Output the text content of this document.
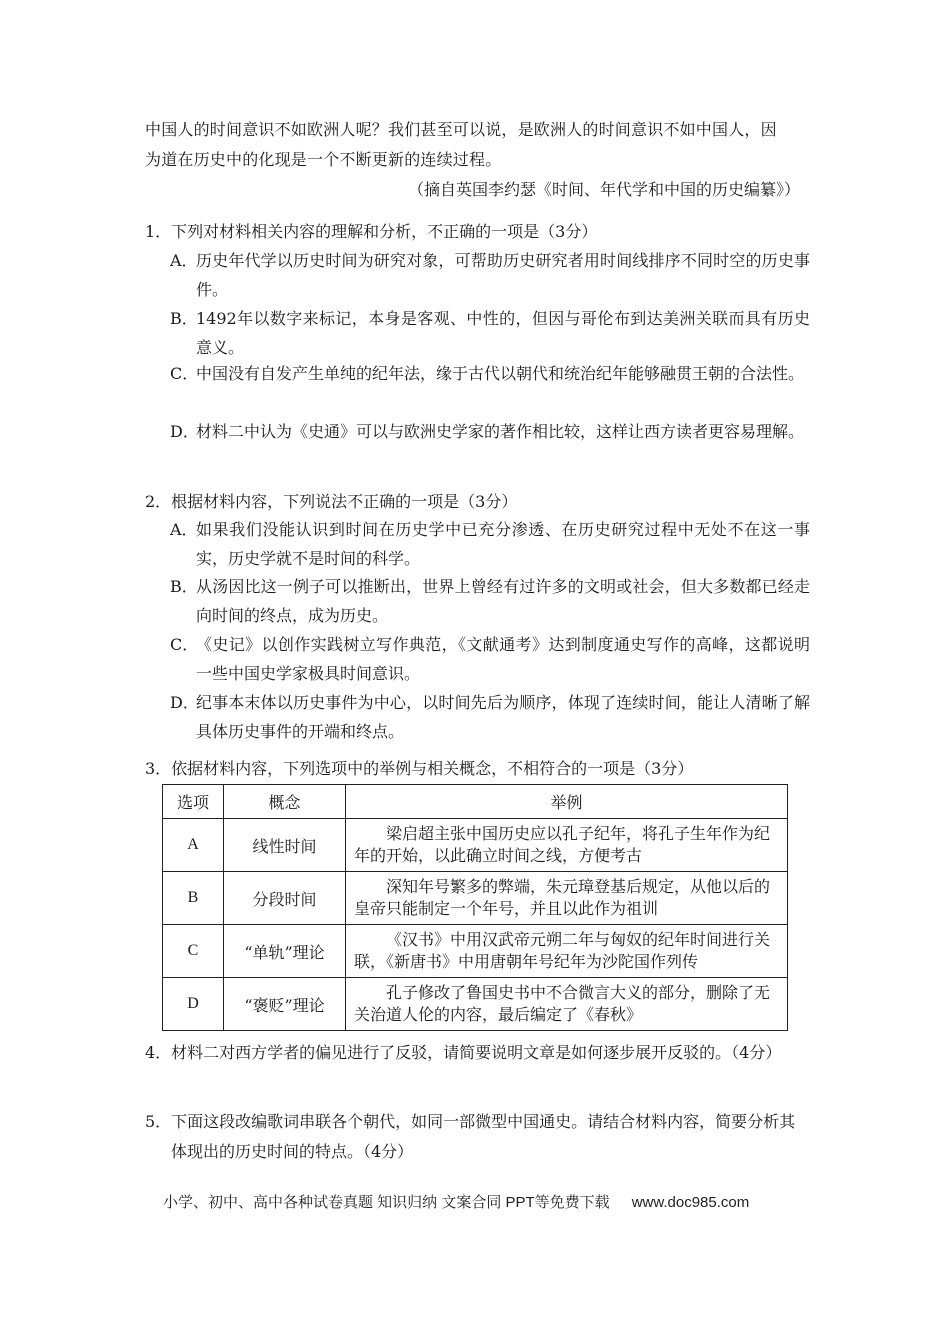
中国人的时间意识不如欧洲人呢？我们甚至可以说，是欧洲人的时间意识不如中国人，因
为道在历史中的化现是一个不断更新的连续过程。
（摘自英国李约瑟《时间、年代学和中国的历史编纂》）
1．下列对材料相关内容的理解和分析，不正确的一项是（3分）
A．
历史年代学以历史时间为研究对象，可帮助历史研究者用时间线排序不同时空的历史事件。
B．
1492年以数字来标记，本身是客观、中性的，但因与哥伦布到达美洲关联而具有历史意义。
C．
中国没有自发产生单纯的纪年法，缘于古代以朝代和统治纪年能够融贯王朝的合法性。
D．
材料二中认为《史通》可以与欧洲史学家的著作相比较，这样让西方读者更容易理解。
2．根据材料内容，下列说法不正确的一项是（3分）
A．
如果我们没能认识到时间在历史学中已充分渗透、在历史研究过程中无处不在这一事实，历史学就不是时间的科学。
B．
从汤因比这一例子可以推断出，世界上曾经有过许多的文明或社会，但大多数都已经走向时间的终点，成为历史。
C．
《史记》以创作实践树立写作典范，《文献通考》达到制度通史写作的高峰，这都说明一些中国史学家极具时间意识。
D．
纪事本末体以历史事件为中心，以时间先后为顺序，体现了连续时间，能让人清晰了解具体历史事件的开端和终点。
3．依据材料内容，下列选项中的举例与相关概念，不相符合的一项是（3分）
选项	概念	举例
A	线性时间	梁启超主张中国历史应以孔子纪年，将孔子生年作为纪年的开始，以此确立时间之线，方便考古

B	分段时间	深知年号繁多的弊端，朱元璋登基后规定，从他以后的皇帝只能制定一个年号，并且以此作为祖训

C	“单轨”理论	《汉书》中用汉武帝元朔二年与匈奴的纪年时间进行关联，《新唐书》中用唐朝年号纪年为沙陀国作列传

D	“褒贬”理论	孔子修改了鲁国史书中不合微言大义的部分，删除了无关治道人伦的内容，最后编定了《春秋》
4．材料二对西方学者的偏见进行了反驳，请简要说明文章是如何逐步展开反驳的。（4分）
5．下面这段改编歌词串联各个朝代，如同一部微型中国通史。请结合材料内容，简要分析其体现出的历史时间的特点。（4分）
小学、初中、高中各种试卷真题 知识归纳 文案合同 PPT等免费下载 www.doc985.com
